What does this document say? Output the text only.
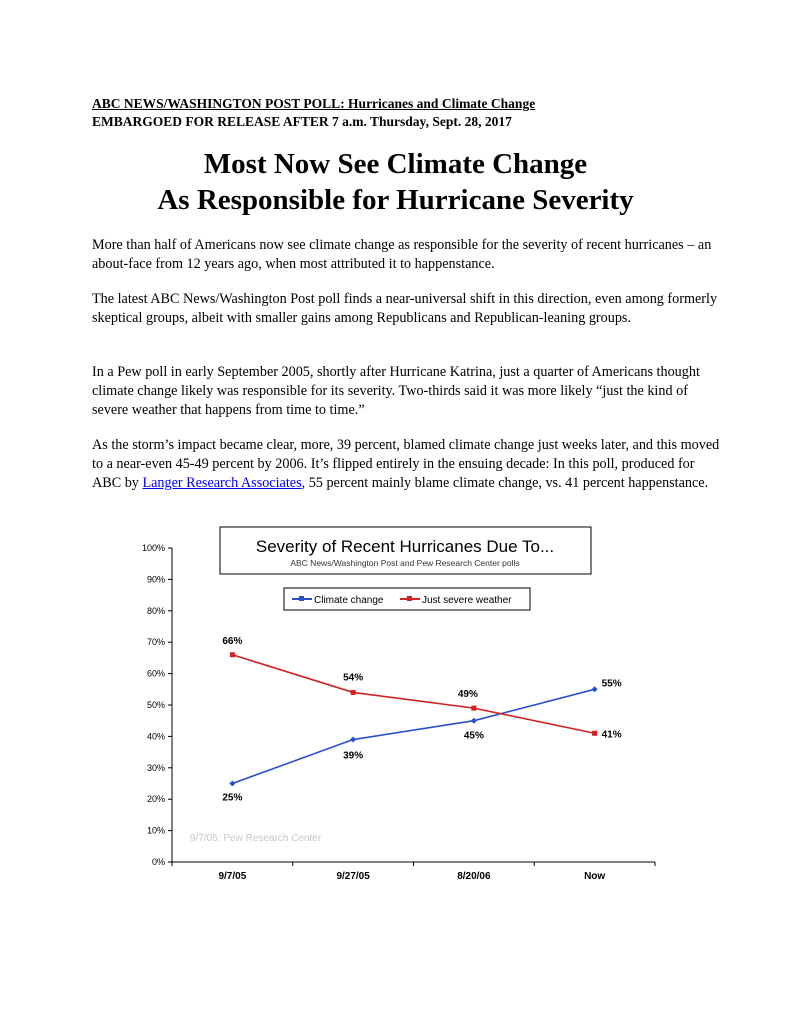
ABC NEWS/WASHINGTON POST POLL: Hurricanes and Climate Change
EMBARGOED FOR RELEASE AFTER 7 a.m. Thursday, Sept. 28, 2017
Most Now See Climate Change
As Responsible for Hurricane Severity

More than half of Americans now see climate change as responsible for the severity of recent hurricanes – an about-face from 12 years ago, when most attributed it to happenstance.

The latest ABC News/Washington Post poll finds a near-universal shift in this direction, even among formerly skeptical groups, albeit with smaller gains among Republicans and Republican-leaning groups.

In a Pew poll in early September 2005, shortly after Hurricane Katrina, just a quarter of Americans thought climate change likely was responsible for its severity. Two-thirds said it was more likely “just the kind of severe weather that happens from time to time.”

As the storm’s impact became clear, more, 39 percent, blamed climate change just weeks later, and this moved to a near-even 45-49 percent by 2006. It’s flipped entirely in the ensuing decade: In this poll, produced for ABC by Langer Research Associates, 55 percent mainly blame climate change, vs. 41 percent happenstance.

0%
10%
20%
30%
40%
50%
60%
70%
80%
90%
100%
9/7/05	9/27/05	8/20/06	Now
Severity of Recent Hurricanes Due To...
ABC News/Washington Post and Pew Research Center polls
Climate change	Just severe weather
25%
39%
45%
55%
66%
54%
49%
41%
9/7/05: Pew Research Center
